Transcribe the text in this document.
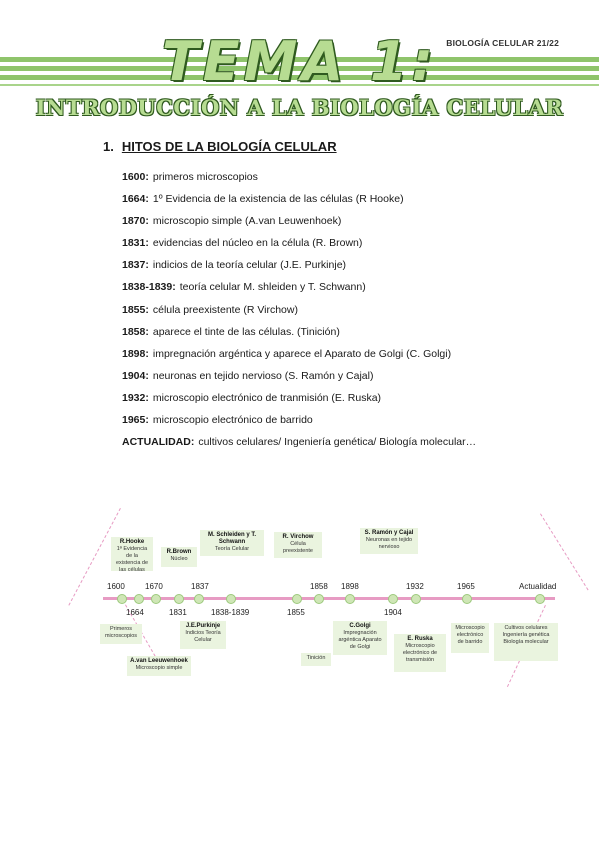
BIOLOGÍA CELULAR 21/22
TEMA 1:
INTRODUCCIÓN A LA BIOLOGÍA CELULAR
1. HITOS DE LA BIOLOGÍA CELULAR
1600: primeros microscopios
1664: 1º Evidencia de la existencia de las células (R Hooke)
1870: microscopio simple (A.van Leuwenhoek)
1831: evidencias del núcleo en la célula (R. Brown)
1837: indicios de la teoría celular (J.E. Purkinje)
1838-1839: teoría celular M. shleiden y T. Schwann)
1855: célula preexistente (R Virchow)
1858: aparece el tinte de las células. (Tinición)
1898: impregnación argéntica y aparece el Aparato de Golgi (C. Golgi)
1904: neuronas en tejido nervioso (S. Ramón y Cajal)
1932: microscopio electrónico de tranmisión (E. Ruska)
1965: microscopio electrónico de barrido
ACTUALIDAD: cultivos celulares/ Ingeniería genética/ Biología molecular…
1600	1670	1837	1858 1898	1932	1965	Actualidad
1664	1831	1838-1839	1855	1904
R.Hooke
1ª Evidencia de la existencia de las células
R.Brown
Núcleo
M. Schleiden y T. Schwann
Teoría Celular
R. Virchow
Célula preexistente
S. Ramón y Cajal
Neuronas en tejido nervioso
Primeros microscopios
A.van Leeuwenhoek
Microscopio simple
J.E.Purkinje
Indicios Teoría Celular
Tinición
C.Golgi
Impregnación argéntica Aparato de Golgi
E. Ruska
Microscopio electrónico de transmisión
Microscopio electrónico de barrido
Cultivos celulares Ingeniería genética Biología molecular
